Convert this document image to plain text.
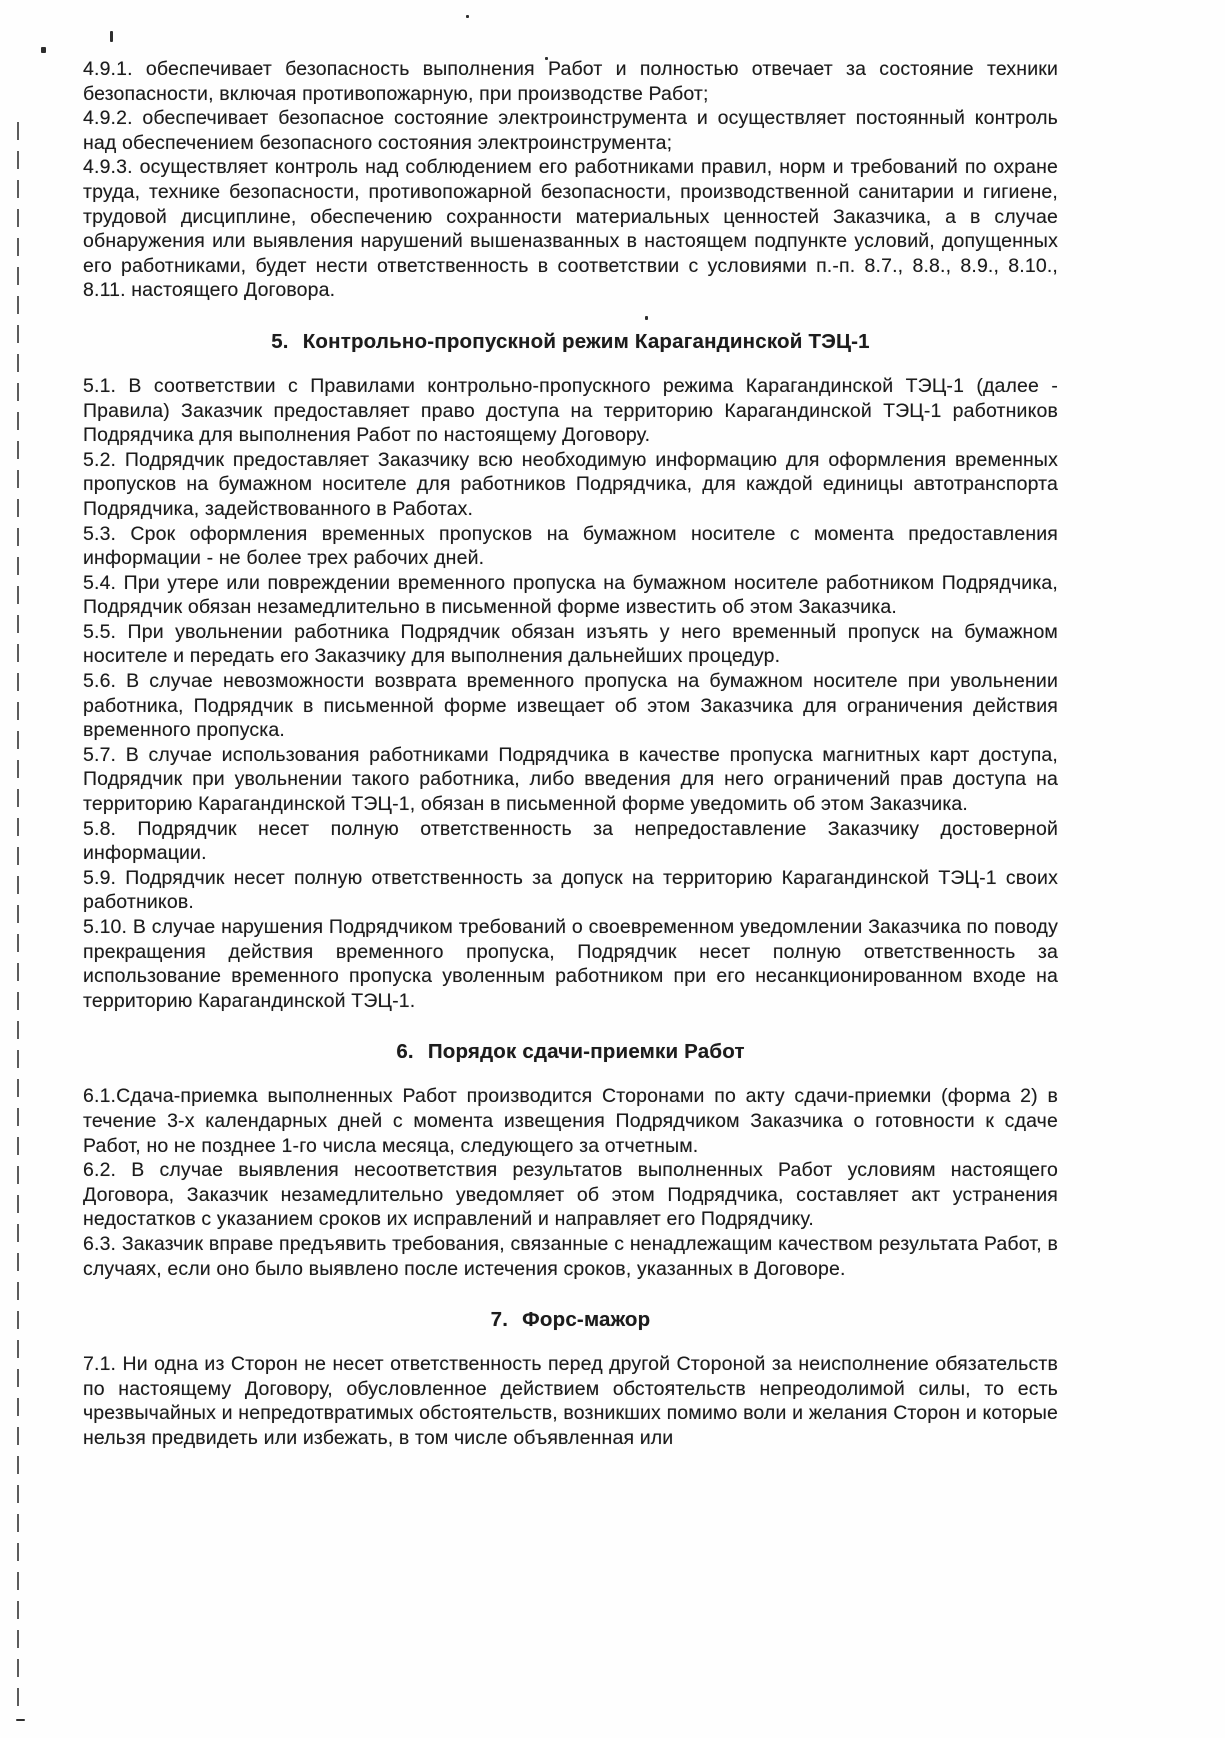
4.9.1. обеспечивает безопасность выполнения Работ и полностью отвечает за состояние техники безопасности, включая противопожарную, при производстве Работ;

4.9.2. обеспечивает безопасное состояние электроинструмента и осуществляет постоянный контроль над обеспечением безопасного состояния электроинструмента;

4.9.3. осуществляет контроль над соблюдением его работниками правил, норм и требований по охране труда, технике безопасности, противопожарной безопасности, производственной санитарии и гигиене, трудовой дисциплине, обеспечению сохранности материальных ценностей Заказчика, а в случае обнаружения или выявления нарушений вышеназванных в настоящем подпункте условий, допущенных его работниками, будет нести ответственность в соответствии с условиями п.-п. 8.7., 8.8., 8.9., 8.10., 8.11. настоящего Договора.

5. Контрольно-пропускной режим Карагандинской ТЭЦ-1

5.1. В соответствии с Правилами контрольно-пропускного режима Карагандинской ТЭЦ-1 (далее - Правила) Заказчик предоставляет право доступа на территорию Карагандинской ТЭЦ-1 работников Подрядчика для выполнения Работ по настоящему Договору.

5.2. Подрядчик предоставляет Заказчику всю необходимую информацию для оформления временных пропусков на бумажном носителе для работников Подрядчика, для каждой единицы автотранспорта Подрядчика, задействованного в Работах.

5.3. Срок оформления временных пропусков на бумажном носителе с момента предоставления информации - не более трех рабочих дней.

5.4. При утере или повреждении временного пропуска на бумажном носителе работником Подрядчика, Подрядчик обязан незамедлительно в письменной форме известить об этом Заказчика.

5.5. При увольнении работника Подрядчик обязан изъять у него временный пропуск на бумажном носителе и передать его Заказчику для выполнения дальнейших процедур.

5.6. В случае невозможности возврата временного пропуска на бумажном носителе при увольнении работника, Подрядчик в письменной форме извещает об этом Заказчика для ограничения действия временного пропуска.

5.7. В случае использования работниками Подрядчика в качестве пропуска магнитных карт доступа, Подрядчик при увольнении такого работника, либо введения для него ограничений прав доступа на территорию Карагандинской ТЭЦ-1, обязан в письменной форме уведомить об этом Заказчика.

5.8. Подрядчик несет полную ответственность за непредоставление Заказчику достоверной информации.

5.9. Подрядчик несет полную ответственность за допуск на территорию Карагандинской ТЭЦ-1 своих работников.

5.10. В случае нарушения Подрядчиком требований о своевременном уведомлении Заказчика по поводу прекращения действия временного пропуска, Подрядчик несет полную ответственность за использование временного пропуска уволенным работником при его несанкционированном входе на территорию Карагандинской ТЭЦ-1.

6. Порядок сдачи-приемки Работ

6.1.Сдача-приемка выполненных Работ производится Сторонами по акту сдачи-приемки (форма 2) в течение 3-х календарных дней с момента извещения Подрядчиком Заказчика о готовности к сдаче Работ, но не позднее 1-го числа месяца, следующего за отчетным.

6.2. В случае выявления несоответствия результатов выполненных Работ условиям настоящего Договора, Заказчик незамедлительно уведомляет об этом Подрядчика, составляет акт устранения недостатков с указанием сроков их исправлений и направляет его Подрядчику.

6.3. Заказчик вправе предъявить требования, связанные с ненадлежащим качеством результата Работ, в случаях, если оно было выявлено после истечения сроков, указанных в Договоре.

7. Форс-мажор

7.1. Ни одна из Сторон не несет ответственность перед другой Стороной за неисполнение обязательств по настоящему Договору, обусловленное действием обстоятельств непреодолимой силы, то есть чрезвычайных и непредотвратимых обстоятельств, возникших помимо воли и желания Сторон и которые нельзя предвидеть или избежать, в том числе объявленная или
